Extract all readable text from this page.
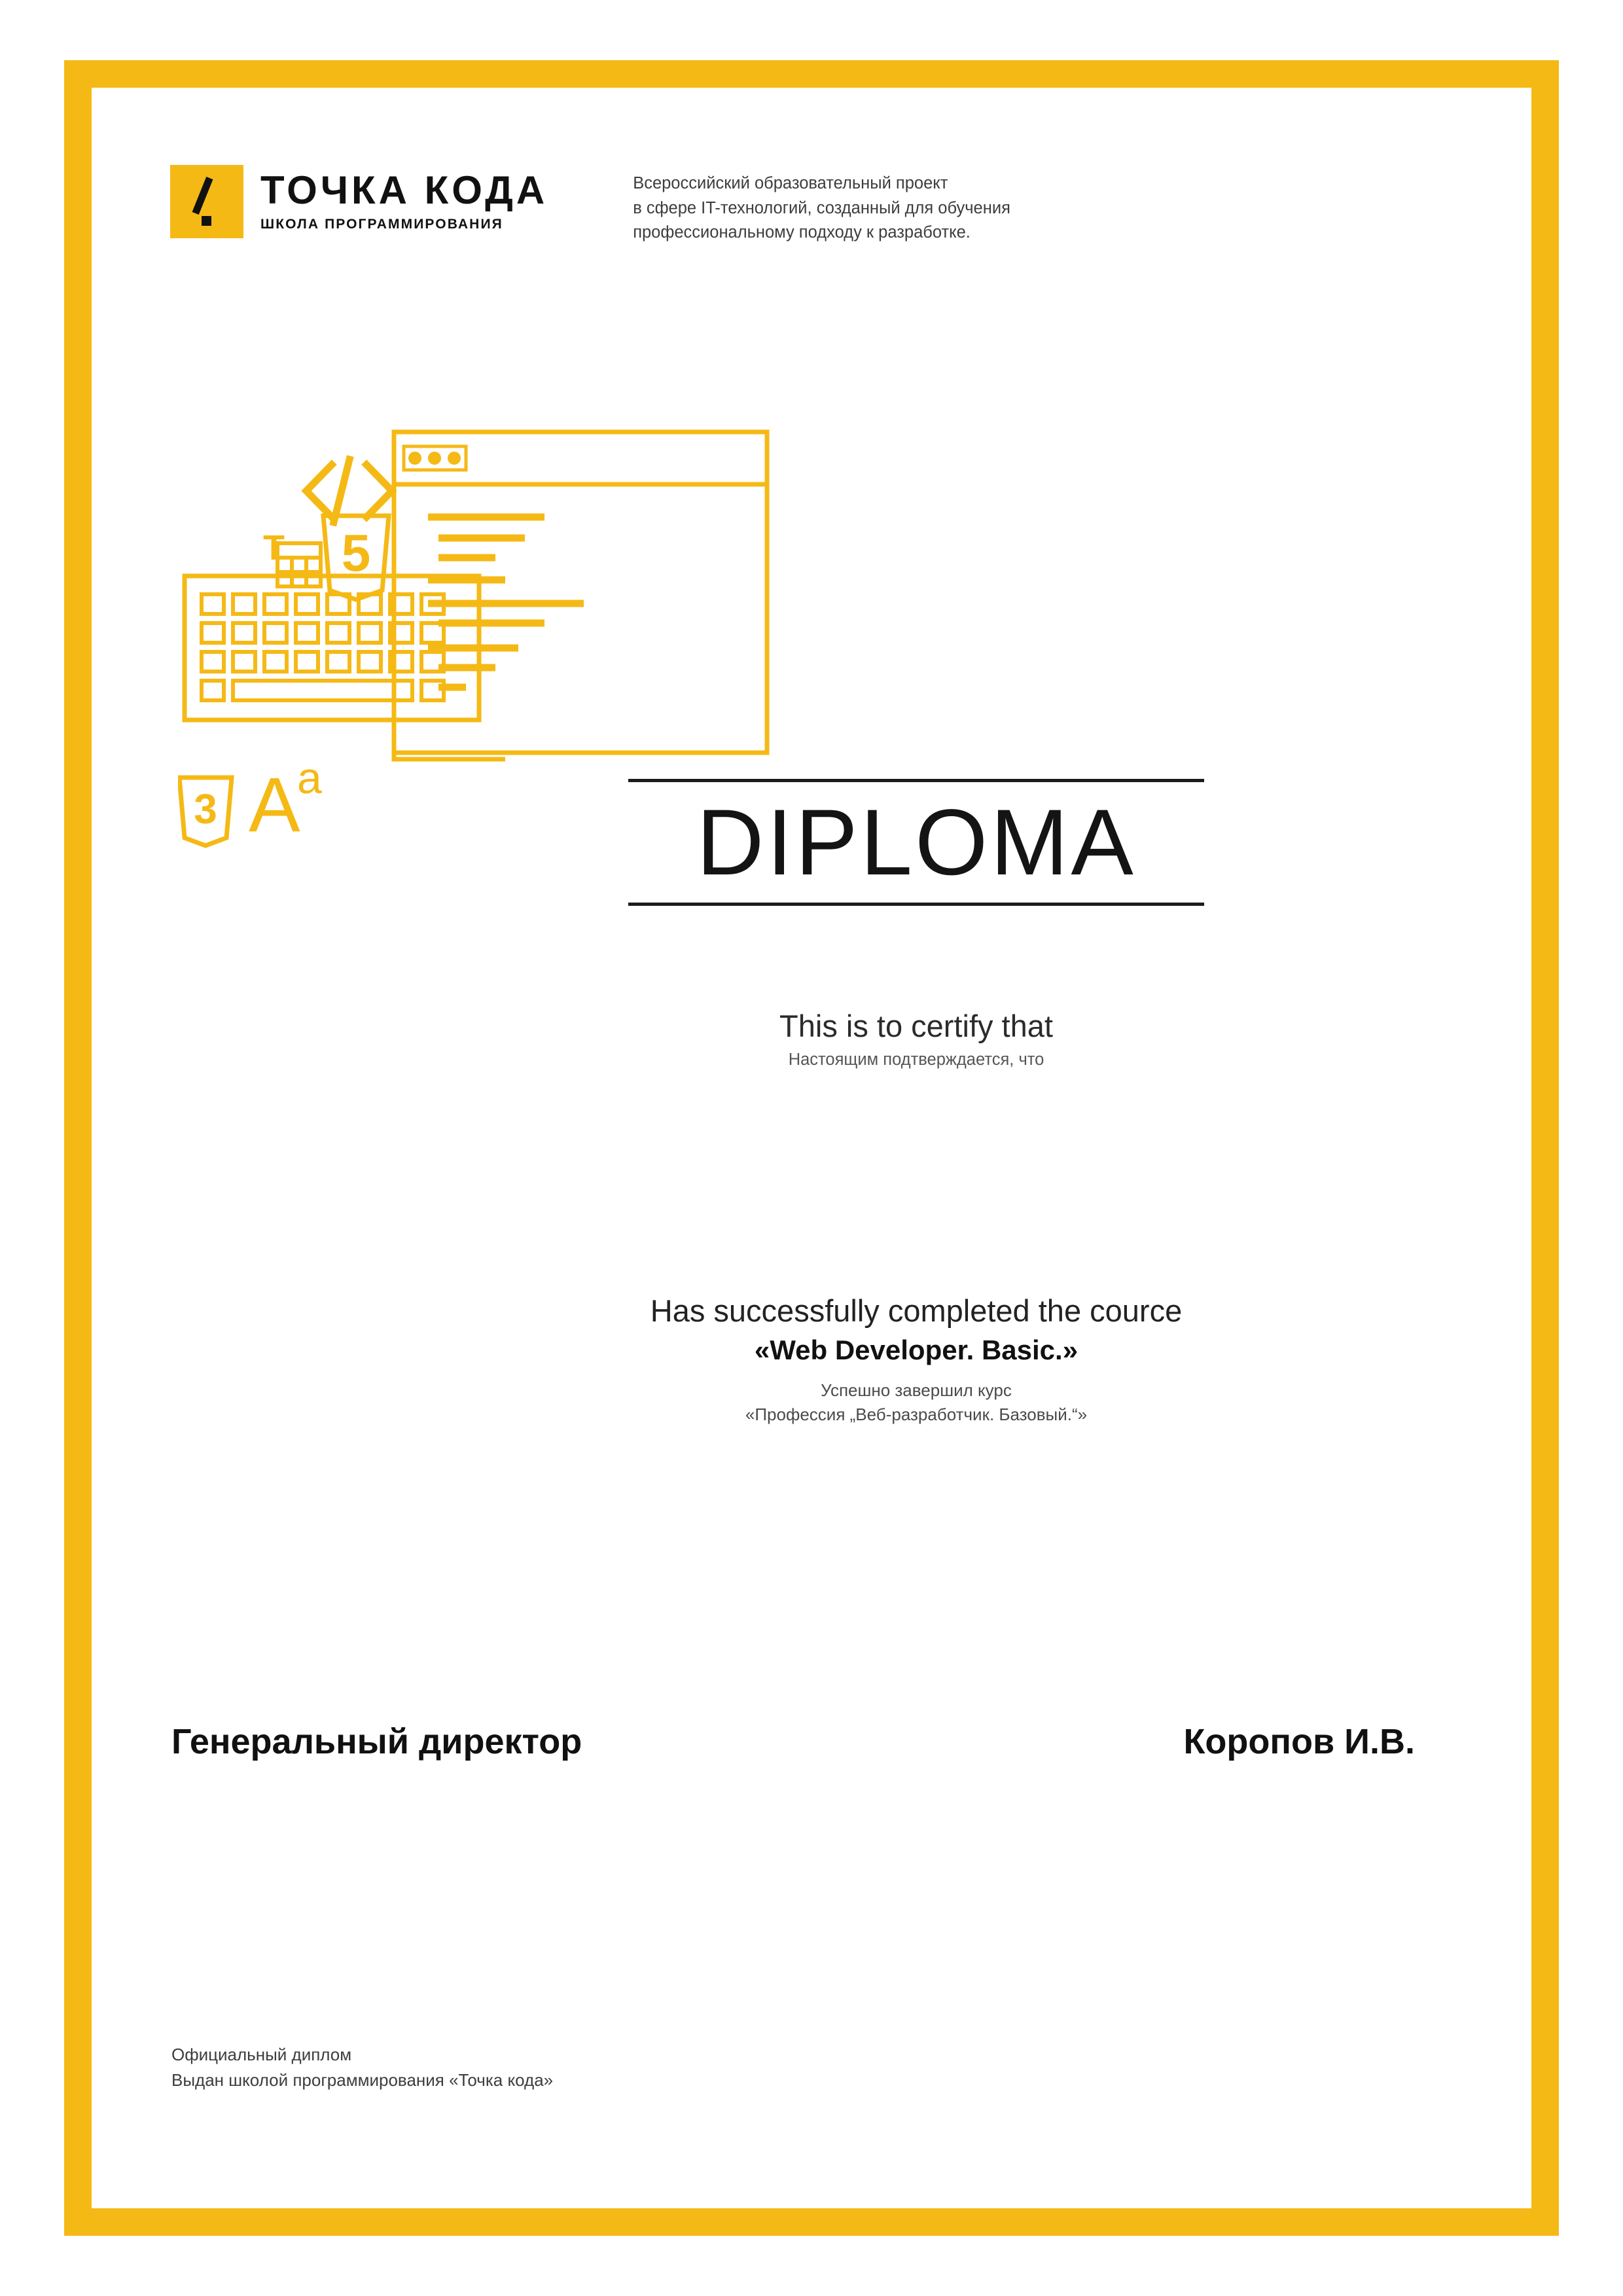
ТОЧКА КОДА
ШКОЛА ПРОГРАММИРОВАНИЯ
Всероссийский образовательный проект
в сфере IT-технологий, созданный для обучения
профессиональному подходу к разработке.
5
T
3 A
a
DIPLOMA
This is to certify that
Настоящим подтверждается, что
Has successfully completed the cource
«Web Developer. Basic.»
Успешно завершил курс
«Профессия „Веб-разработчик. Базовый.“»
Генеральный директор	Коропов И.В.
Официальный диплом
Выдан школой программирования «Точка кода»
